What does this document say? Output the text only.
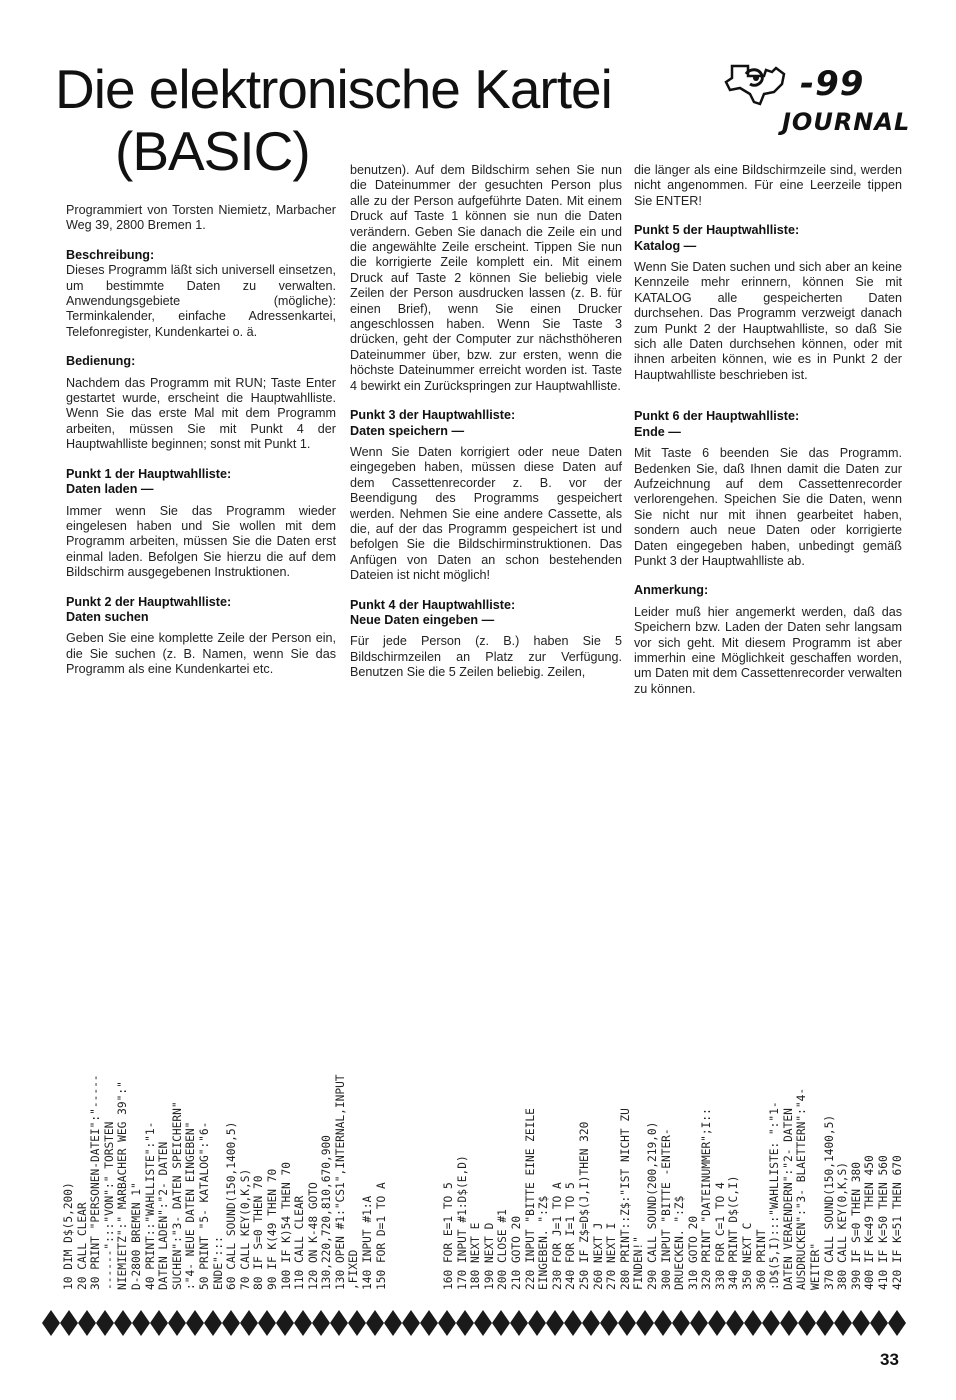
Die elektronische Kartei
(BASIC)
-99
JOURNAL

Programmiert von Torsten Niemietz, Marbacher Weg 39, 2800 Bremen 1.

Beschreibung:

Dieses Programm läßt sich universell einsetzen, um bestimmte Daten zu verwalten. Anwendungsgebiete (mögliche): Terminkalender, einfache Adressenkartei, Telefonregister, Kundenkartei o. ä.

Bedienung:

Nachdem das Programm mit RUN; Taste Enter gestartet wurde, erscheint die Hauptwahlliste. Wenn Sie das erste Mal mit dem Programm arbeiten, müssen Sie mit Punkt 4 der Hauptwahlliste beginnen; sonst mit Punkt 1.

Punkt 1 der Hauptwahlliste:
Daten laden —

Immer wenn Sie das Programm wieder eingelesen haben und Sie wollen mit dem Programm arbeiten, müssen Sie die Daten erst einmal laden. Befolgen Sie hierzu die auf dem Bildschirm ausgegebenen Instruktionen.

Punkt 2 der Hauptwahlliste:
Daten suchen

Geben Sie eine komplette Zeile der Person ein, die Sie suchen (z. B. Namen, wenn Sie das Programm als eine Kundenkartei etc.

benutzen). Auf dem Bildschirm sehen Sie nun die Dateinummer der gesuchten Person plus alle zu der Person aufgeführte Daten. Mit einem Druck auf Taste 1 können sie nun die Daten verändern. Geben Sie danach die Zeile ein und die angewählte Zeile erscheint. Tippen Sie nun die korrigierte Zeile komplett ein. Mit einem Druck auf Taste 2 können Sie beliebig viele Zeilen der Person ausdrucken lassen (z. B. für einen Brief), wenn Sie einen Drucker angeschlossen haben. Wenn Sie Taste 3 drücken, geht der Computer zur nächsthöheren Dateinummer über, bzw. zur ersten, wenn die höchste Dateinummer erreicht worden ist. Taste 4 bewirkt ein Zurückspringen zur Hauptwahlliste.

Punkt 3 der Hauptwahlliste:
Daten speichern —

Wenn Sie Daten korrigiert oder neue Daten eingegeben haben, müssen diese Daten auf dem Cassettenrecorder z. B. vor der Beendigung des Programms gespeichert werden. Nehmen Sie eine andere Cassette, als die, auf der das Programm gespeichert ist und befolgen Sie die Bildschirminstruktionen. Das Anfügen von Daten an schon bestehenden Dateien ist nicht möglich!

Punkt 4 der Hauptwahlliste:
Neue Daten eingeben —

Für jede Person (z. B.) haben Sie 5 Bildschirmzeilen an Platz zur Verfügung. Benutzen Sie die 5 Zeilen beliebig. Zeilen,

die länger als eine Bildschirmzeile sind, werden nicht angenommen. Für eine Leerzeile tippen Sie ENTER!

Punkt 5 der Hauptwahlliste:
Katalog —

Wenn Sie Daten suchen und sich aber an keine Kennzeile mehr erinnern, können Sie mit KATALOG alle gespeicherten Daten durchsehen. Das Programm verzweigt danach zum Punkt 2 der Hauptwahlliste, so daß Sie sich alle Daten durchsehen können, oder mit ihnen arbeiten können, wie es in Punkt 2 der Hauptwahlliste beschrieben ist.

Punkt 6 der Hauptwahlliste:
Ende —

Mit Taste 6 beenden Sie das Programm. Bedenken Sie, daß Ihnen damit die Daten zur Aufzeichnung auf dem Cassettenrecorder verlorengehen. Speichen Sie die Daten, wenn Sie nicht nur mit ihnen gearbeitet haben, sondern auch neue Daten oder korrigierte Daten eingegeben haben, unbedingt gemäß Punkt 3 der Hauptwahlliste ab.

Anmerkung:

Leider muß hier angemerkt werden, daß das Speichern bzw. Laden der Daten sehr langsam vor sich geht. Mit diesem Programm ist aber immerhin eine Möglichkeit geschaffen worden, um Daten mit dem Cassettenrecorder verwalten zu können.

10 DIM D$(5,200) 20 CALL CLEAR 30 PRINT "PERSONEN-DATEI":"----- ------":::"VON":" TORSTEN NIEMIETZ":" MARBACHER WEG 39":" D-2800 BREMEN 1" 40 PRINT::"WAHLLISTE":"1- DATEN LADEN":"2- DATEN SUCHEN":"3- DATEN SPEICHERN" :"4- NEUE DATEN EINGEBEN" 50 PRINT "5- KATALOG":"6- ENDE"::: 60 CALL SOUND(150,1400,5) 70 CALL KEY(0,K,S) 80 IF S=0 THEN 70 90 IF K(49 THEN 70 100 IF K)54 THEN 70 110 CALL CLEAR 120 ON K-48 GOTO 130,220,720,810,670,900 130 OPEN #1:"CS1",INTERNAL,INPUT ,FIXED 140 INPUT #1:A 150 FOR D=1 TO A	160 FOR E=1 TO 5 170 INPUT #1:D$(E,D) 180 NEXT E 190 NEXT D 200 CLOSE #1 210 GOTO 20 220 INPUT "BITTE EINE ZEILE EINGEBEN. ":Z$ 230 FOR J=1 TO A 240 FOR I=1 TO 5 250 IF Z$=D$(J,I)THEN 320 260 NEXT J 270 NEXT I 280 PRINT::Z$:"IST NICHT ZU FINDEN!" 290 CALL SOUND(200,219,0) 300 INPUT "BITTE -ENTER- DRUECKEN. ":Z$ 310 GOTO 20 320 PRINT "DATEINUMMER";I:: 330 FOR C=1 TO 4 340 PRINT D$(C,I) 350 NEXT C 360 PRINT :D$(5,I):::"WAHLLISTE: ":"1- DATEN VERAENDERN":"2- DATEN AUSDRUCKEN":"3- BLAETTERN":"4- WEITER" 370 CALL SOUND(150,1400,5) 380 CALL KEY(0,K,S) 390 IF S=0 THEN 380 400 IF K=49 THEN 450 410 IF K=50 THEN 560 420 IF K=51 THEN 670
33
